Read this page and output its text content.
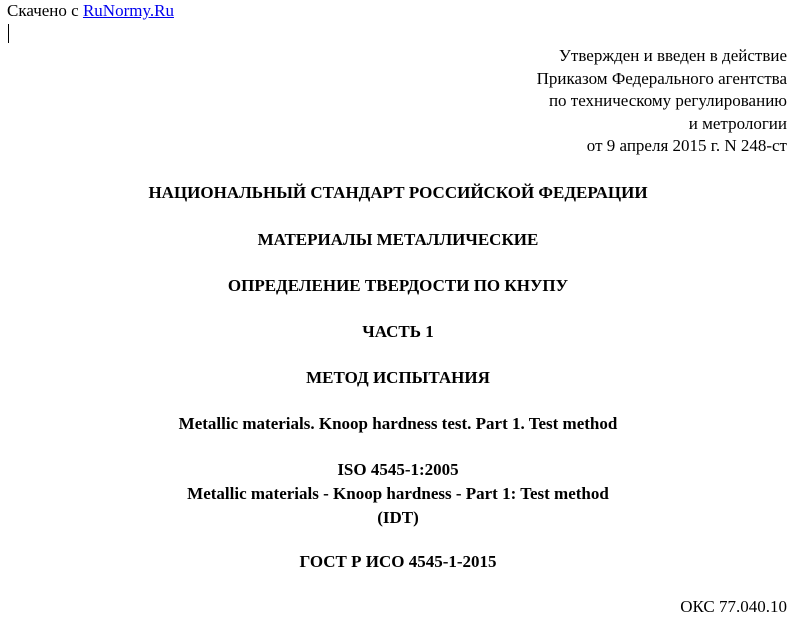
Скачено с RuNormy.Ru
Утвержден и введен в действие
Приказом Федерального агентства
по техническому регулированию
и метрологии
от 9 апреля 2015 г. N 248-ст
НАЦИОНАЛЬНЫЙ СТАНДАРТ РОССИЙСКОЙ ФЕДЕРАЦИИ
МАТЕРИАЛЫ МЕТАЛЛИЧЕСКИЕ
ОПРЕДЕЛЕНИЕ ТВЕРДОСТИ ПО КНУПУ
ЧАСТЬ 1
МЕТОД ИСПЫТАНИЯ
Metallic materials. Knoop hardness test. Part 1. Test method
ISO 4545-1:2005
Metallic materials - Knoop hardness - Part 1: Test method
(IDT)
ГОСТ Р ИСО 4545-1-2015
ОКС 77.040.10
